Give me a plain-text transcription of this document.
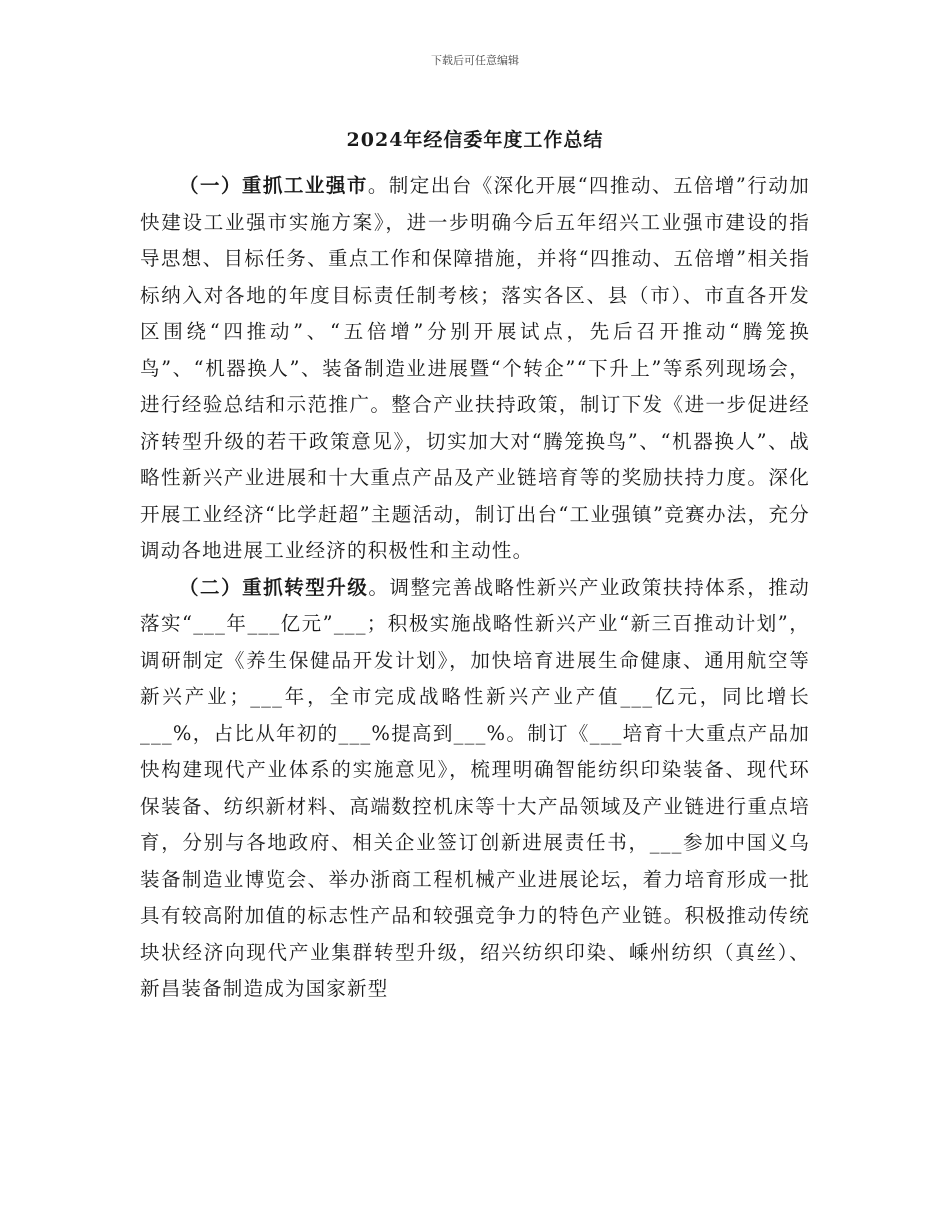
下载后可任意编辑
2024年经信委年度工作总结

（一）重抓工业强市。制定出台《深化开展“四推动、五倍增”行动加快建设工业强市实施方案》，进一步明确今后五年绍兴工业强市建设的指导思想、目标任务、重点工作和保障措施，并将“四推动、五倍增”相关指标纳入对各地的年度目标责任制考核；落实各区、县（市）、市直各开发区围绕“四推动”、“五倍增”分别开展试点，先后召开推动“腾笼换鸟”、“机器换人”、装备制造业进展暨“个转企”“下升上”等系列现场会，进行经验总结和示范推广。整合产业扶持政策，制订下发《进一步促进经济转型升级的若干政策意见》，切实加大对“腾笼换鸟”、“机器换人”、战略性新兴产业进展和十大重点产品及产业链培育等的奖励扶持力度。深化开展工业经济“比学赶超”主题活动，制订出台“工业强镇”竞赛办法，充分调动各地进展工业经济的积极性和主动性。

（二）重抓转型升级。调整完善战略性新兴产业政策扶持体系，推动落实“___年___亿元”___；积极实施战略性新兴产业“新三百推动计划”，调研制定《养生保健品开发计划》，加快培育进展生命健康、通用航空等新兴产业；___年，全市完成战略性新兴产业产值___亿元，同比增长___%，占比从年初的___%提高到___%。制订《___培育十大重点产品加快构建现代产业体系的实施意见》，梳理明确智能纺织印染装备、现代环保装备、纺织新材料、高端数控机床等十大产品领域及产业链进行重点培育，分别与各地政府、相关企业签订创新进展责任书，___参加中国义乌装备制造业博览会、举办浙商工程机械产业进展论坛，着力培育形成一批具有较高附加值的标志性产品和较强竞争力的特色产业链。积极推动传统块状经济向现代产业集群转型升级，绍兴纺织印染、嵊州纺织（真丝）、新昌装备制造成为国家新型
